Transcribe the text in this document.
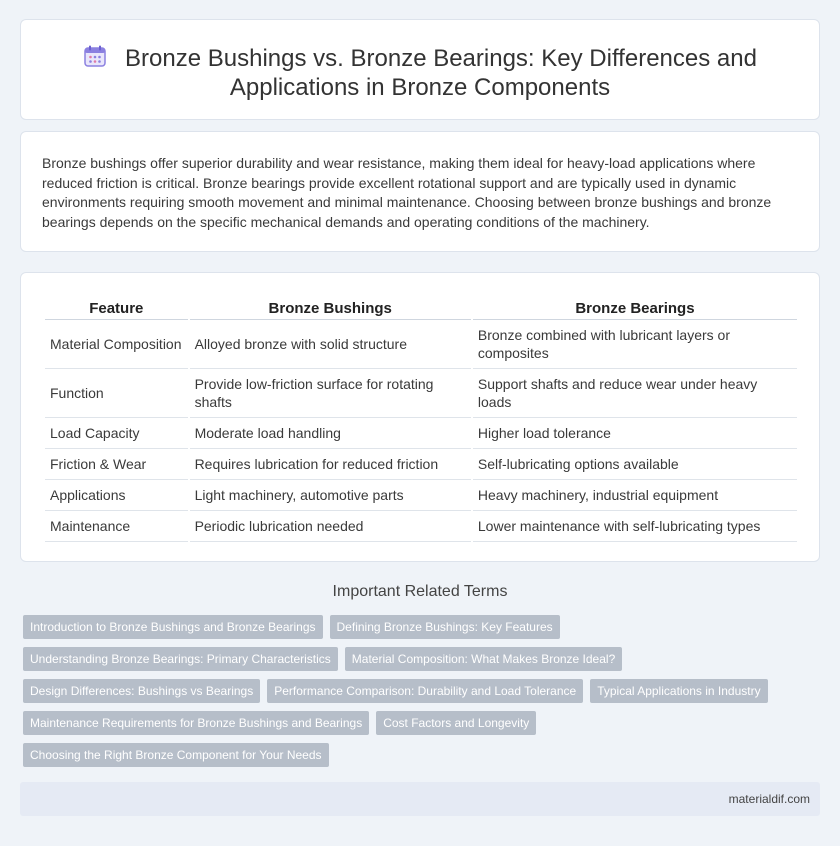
Bronze Bushings vs. Bronze Bearings: Key Differences and
Applications in Bronze Components

Bronze bushings offer superior durability and wear resistance, making them ideal for heavy-load applications where reduced friction is critical. Bronze bearings provide excellent rotational support and are typically used in dynamic environments requiring smooth movement and minimal maintenance. Choosing between bronze bushings and bronze bearings depends on the specific mechanical demands and operating conditions of the machinery.

Feature	Bronze Bushings	Bronze Bearings
Material Composition	Alloyed bronze with solid structure	Bronze combined with lubricant layers or composites
Function	Provide low-friction surface for rotating shafts	Support shafts and reduce wear under heavy loads
Load Capacity	Moderate load handling	Higher load tolerance
Friction & Wear	Requires lubrication for reduced friction	Self-lubricating options available
Applications	Light machinery, automotive parts	Heavy machinery, industrial equipment
Maintenance	Periodic lubrication needed	Lower maintenance with self-lubricating types
Important Related Terms
Introduction to Bronze Bushings and Bronze Bearings	Defining Bronze Bushings: Key Features
Understanding Bronze Bearings: Primary Characteristics	Material Composition: What Makes Bronze Ideal?
Design Differences: Bushings vs Bearings	Performance Comparison: Durability and Load Tolerance	Typical Applications in Industry
Maintenance Requirements for Bronze Bushings and Bearings	Cost Factors and Longevity
Choosing the Right Bronze Component for Your Needs
materialdif.com
